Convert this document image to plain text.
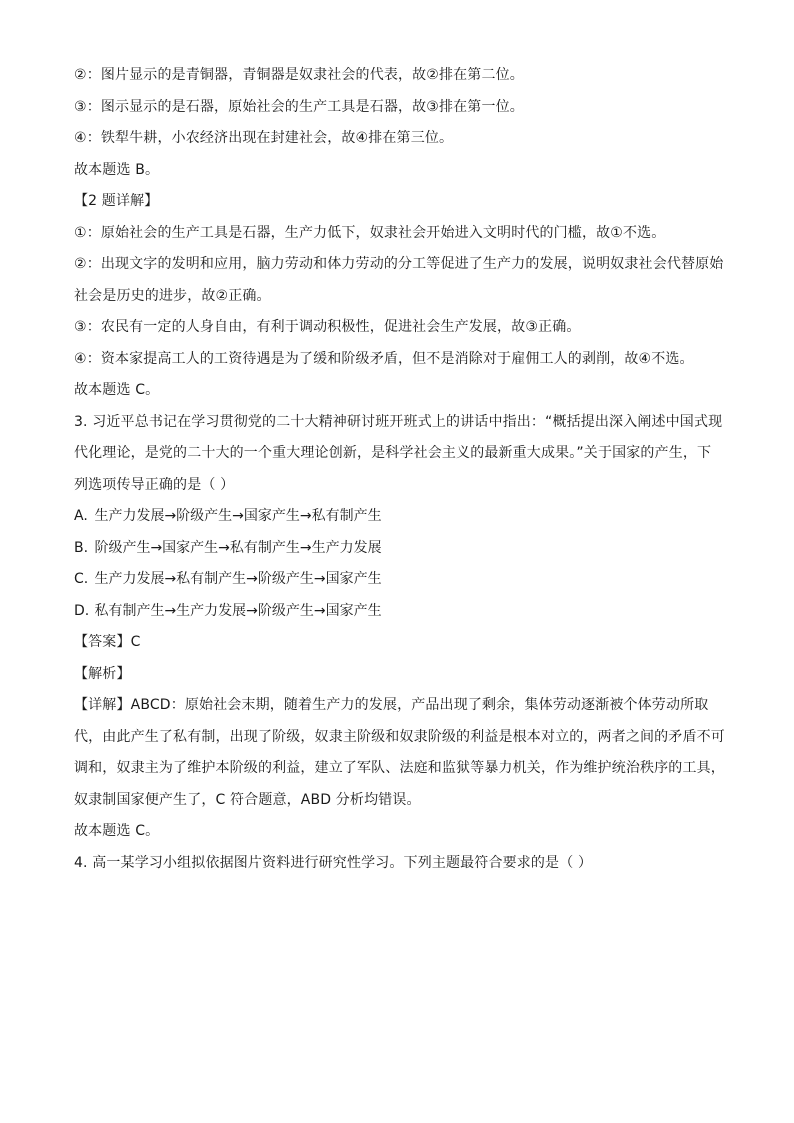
②：图片显示的是青铜器，青铜器是奴隶社会的代表，故②排在第二位。
③：图示显示的是石器，原始社会的生产工具是石器，故③排在第一位。
④：铁犁牛耕，小农经济出现在封建社会，故④排在第三位。
故本题选 B。
【2 题详解】
①：原始社会的生产工具是石器，生产力低下，奴隶社会开始进入文明时代的门槛，故①不选。
②：出现文字的发明和应用，脑力劳动和体力劳动的分工等促进了生产力的发展，说明奴隶社会代替原始
社会是历史的进步，故②正确。
③：农民有一定的人身自由，有利于调动积极性，促进社会生产发展，故③正确。
④：资本家提高工人的工资待遇是为了缓和阶级矛盾，但不是消除对于雇佣工人的剥削，故④不选。
故本题选 C。
3. 习近平总书记在学习贯彻党的二十大精神研讨班开班式上的讲话中指出：“概括提出深入阐述中国式现
代化理论，是党的二十大的一个重大理论创新，是科学社会主义的最新重大成果。”关于国家的产生，下
列选项传导正确的是（ ）
A. 生产力发展→阶级产生→国家产生→私有制产生
B. 阶级产生→国家产生→私有制产生→生产力发展
C. 生产力发展→私有制产生→阶级产生→国家产生
D. 私有制产生→生产力发展→阶级产生→国家产生
【答案】C
【解析】
【详解】ABCD：原始社会末期，随着生产力的发展，产品出现了剩余，集体劳动逐渐被个体劳动所取
代，由此产生了私有制，出现了阶级，奴隶主阶级和奴隶阶级的利益是根本对立的，两者之间的矛盾不可
调和，奴隶主为了维护本阶级的利益，建立了军队、法庭和监狱等暴力机关，作为维护统治秩序的工具，
奴隶制国家便产生了，C 符合题意，ABD 分析均错误。
故本题选 C。
4. 高一某学习小组拟依据图片资料进行研究性学习。下列主题最符合要求的是（ ）
